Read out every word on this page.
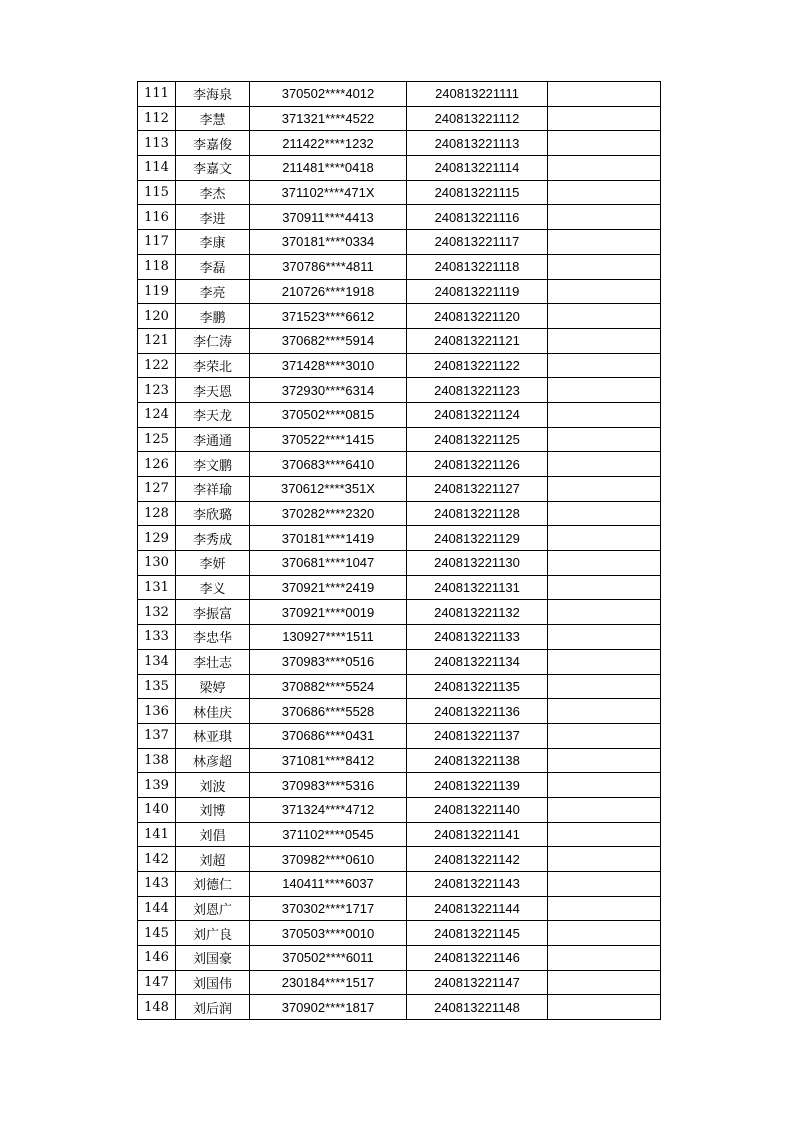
111	李海泉	370502****4012	240813221111	
112	李慧	371321****4522	240813221112	
113	李嘉俊	211422****1232	240813221113	
114	李嘉文	211481****0418	240813221114	
115	李杰	371102****471X	240813221115	
116	李进	370911****4413	240813221116	
117	李康	370181****0334	240813221117	
118	李磊	370786****4811	240813221118	
119	李亮	210726****1918	240813221119	
120	李鹏	371523****6612	240813221120	
121	李仁涛	370682****5914	240813221121	
122	李荣北	371428****3010	240813221122	
123	李天恩	372930****6314	240813221123	
124	李天龙	370502****0815	240813221124	
125	李通通	370522****1415	240813221125	
126	李文鹏	370683****6410	240813221126	
127	李祥瑜	370612****351X	240813221127	
128	李欣璐	370282****2320	240813221128	
129	李秀成	370181****1419	240813221129	
130	李妍	370681****1047	240813221130	
131	李义	370921****2419	240813221131	
132	李振富	370921****0019	240813221132	
133	李忠华	130927****1511	240813221133	
134	李壮志	370983****0516	240813221134	
135	梁婷	370882****5524	240813221135	
136	林佳庆	370686****5528	240813221136	
137	林亚琪	370686****0431	240813221137	
138	林彦超	371081****8412	240813221138	
139	刘波	370983****5316	240813221139	
140	刘博	371324****4712	240813221140	
141	刘倡	371102****0545	240813221141	
142	刘超	370982****0610	240813221142	
143	刘德仁	140411****6037	240813221143	
144	刘恩广	370302****1717	240813221144	
145	刘广良	370503****0010	240813221145	
146	刘国豪	370502****6011	240813221146	
147	刘国伟	230184****1517	240813221147	
148	刘后润	370902****1817	240813221148	
